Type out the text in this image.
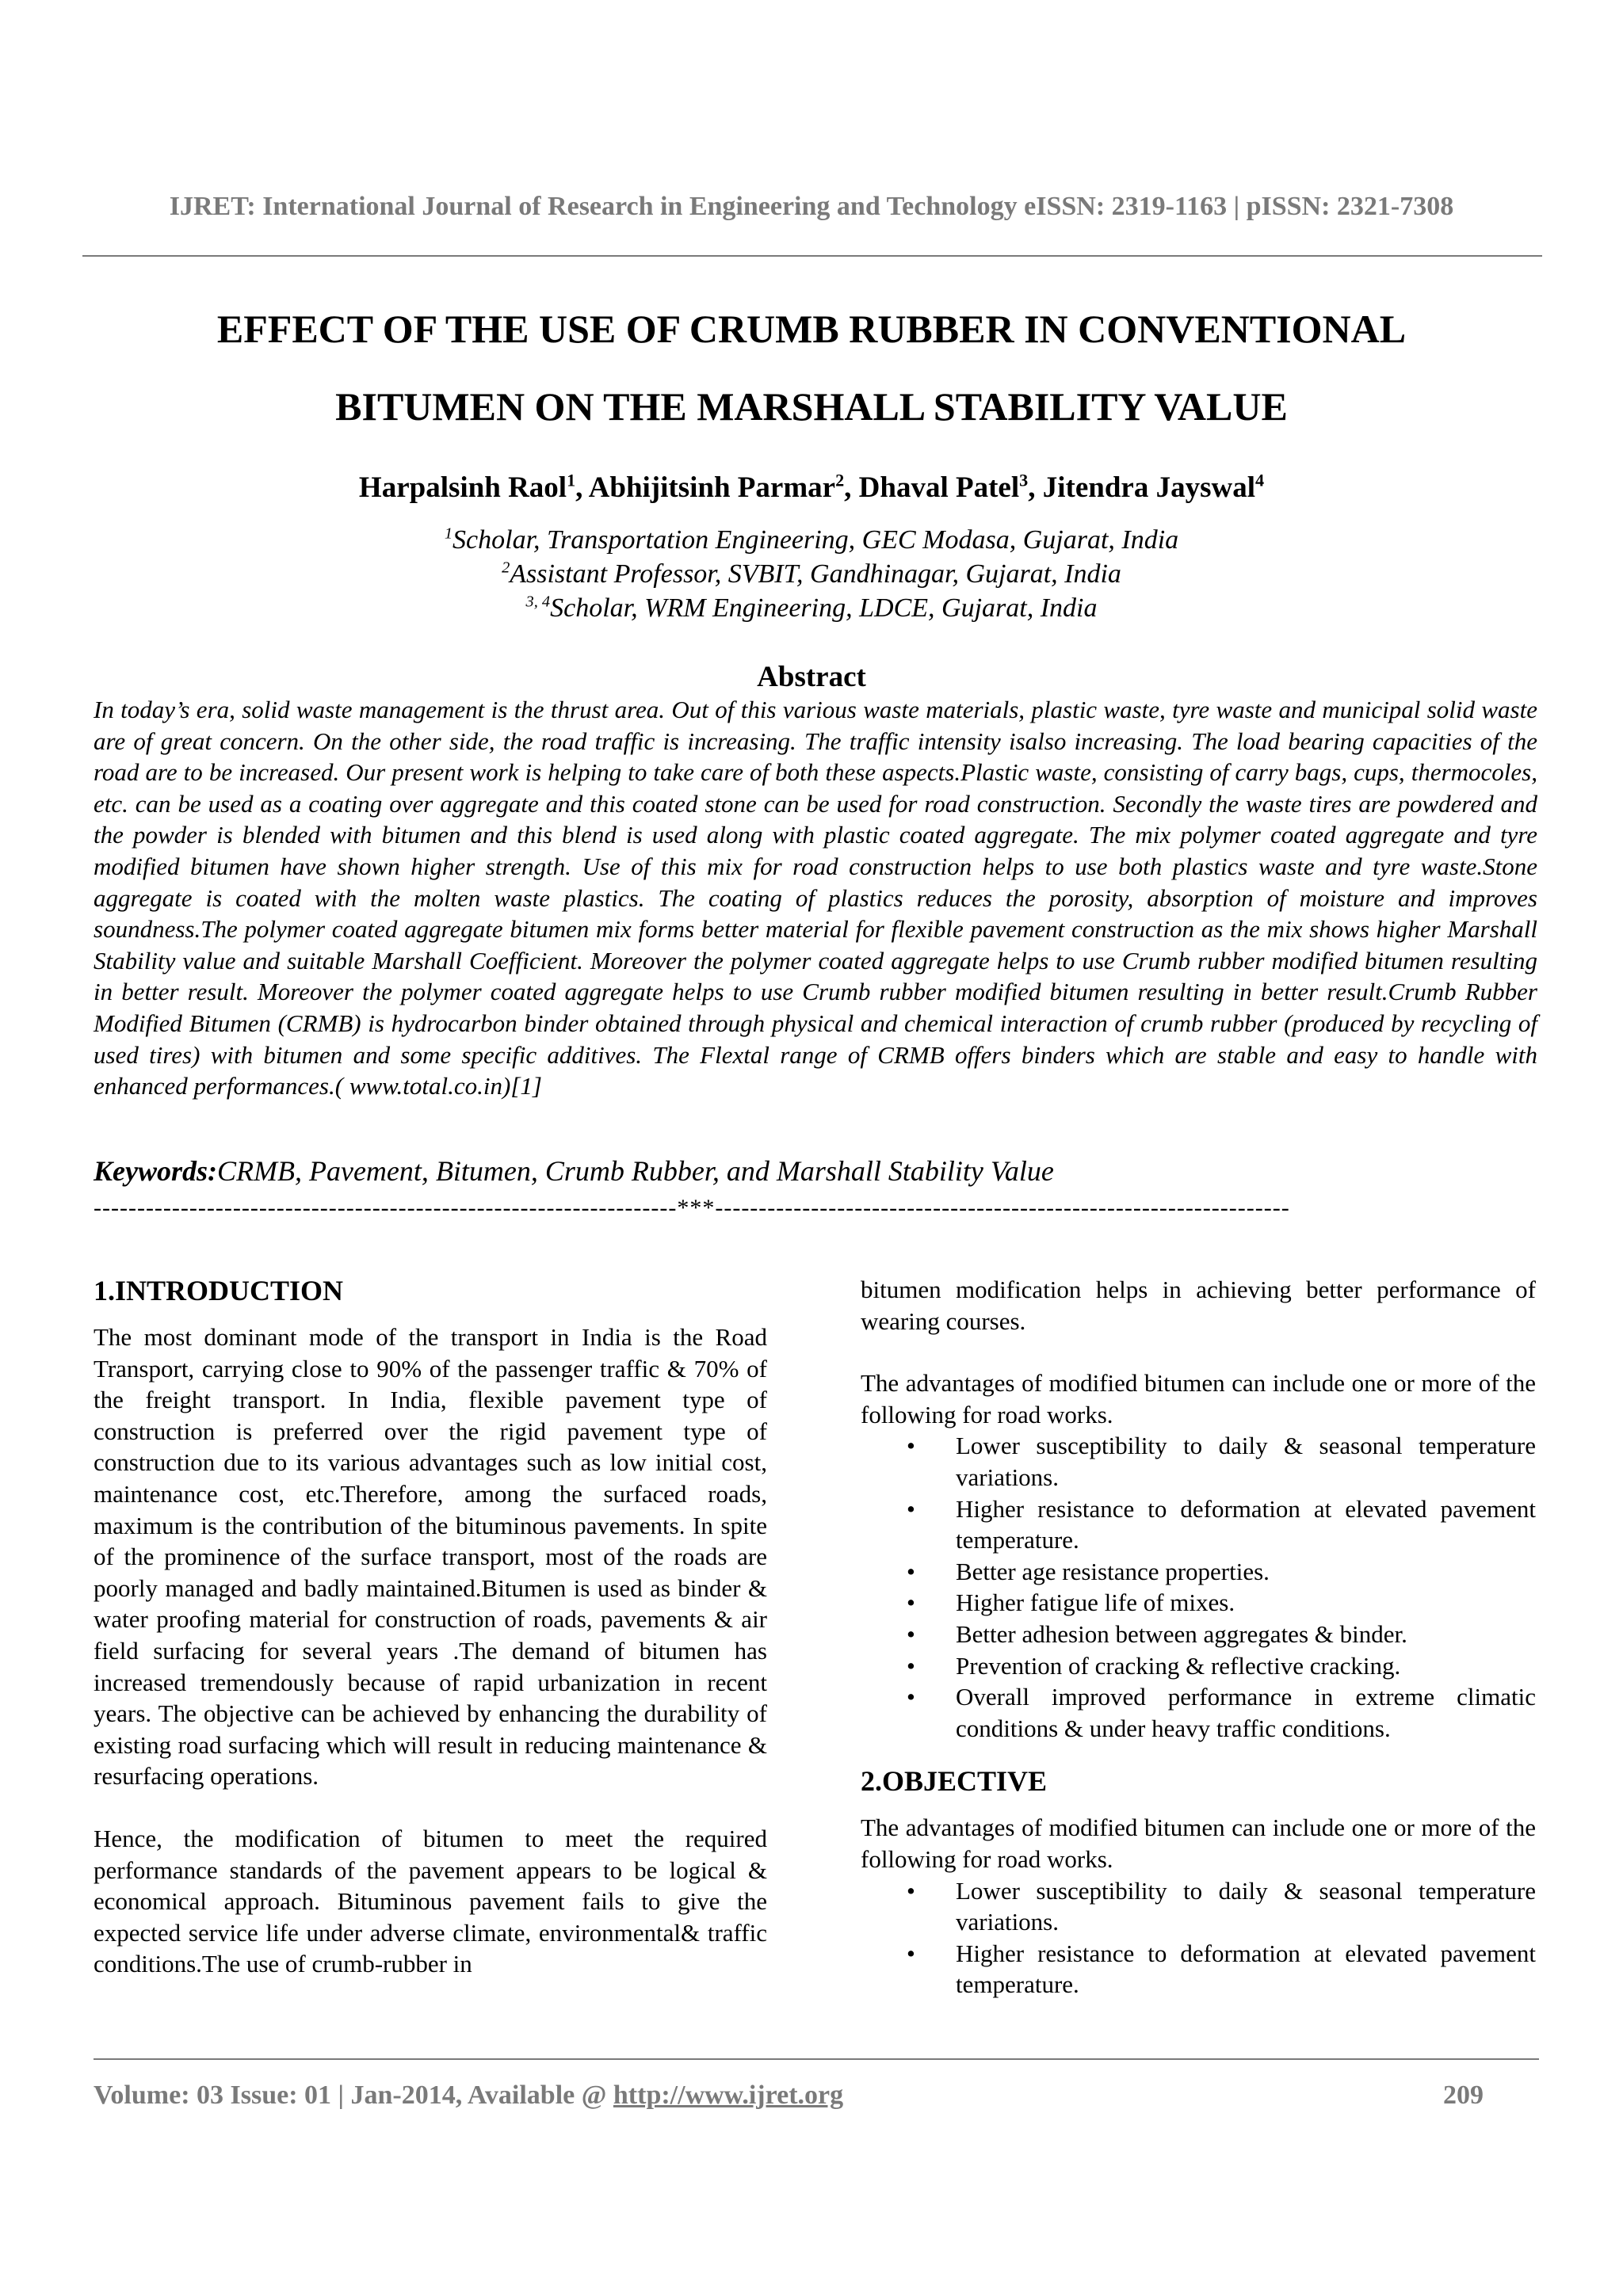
IJRET: International Journal of Research in Engineering and Technology eISSN: 2319-1163 | pISSN: 2321-7308
EFFECT OF THE USE OF CRUMB RUBBER IN CONVENTIONAL
BITUMEN ON THE MARSHALL STABILITY VALUE
Harpalsinh Raol$^1$, Abhijitsinh Parmar$^2$, Dhaval Patel$^3$, Jitendra Jayswal$^4$
$^1$Scholar, Transportation Engineering, GEC Modasa, Gujarat, India
$^2$Assistant Professor, SVBIT, Gandhinagar, Gujarat, India
$^{3, 4}$Scholar, WRM Engineering, LDCE, Gujarat, India
Abstract
In today’s era, solid waste management is the thrust area. Out of this various waste materials, plastic waste, tyre waste and municipal solid waste are of great concern. On the other side, the road traffic is increasing. The traffic intensity isalso increasing. The load bearing capacities of the road are to be increased. Our present work is helping to take care of both these aspects.Plastic waste, consisting of carry bags, cups, thermocoles, etc. can be used as a coating over aggregate and this coated stone can be used for road construction. Secondly the waste tires are powdered and the powder is blended with bitumen and this blend is used along with plastic coated aggregate. The mix polymer coated aggregate and tyre modified bitumen have shown higher strength. Use of this mix for road construction helps to use both plastics waste and tyre waste.Stone aggregate is coated with the molten waste plastics. The coating of plastics reduces the porosity, absorption of moisture and improves soundness.The polymer coated aggregate bitumen mix forms better material for flexible pavement construction as the mix shows higher Marshall Stability value and suitable Marshall Coefficient. Moreover the polymer coated aggregate helps to use Crumb rubber modified bitumen resulting in better result. Moreover the polymer coated aggregate helps to use Crumb rubber modified bitumen resulting in better result.Crumb Rubber Modified Bitumen (CRMB) is hydrocarbon binder obtained through physical and chemical interaction of crumb rubber (produced by recycling of used tires) with bitumen and some specific additives. The Flextal range of CRMB offers binders which are stable and easy to handle with enhanced performances.( www.total.co.in)[1]
Keywords:CRMB, Pavement, Bitumen, Crumb Rubber, and Marshall Stability Value
-------------------------------------------------------------------***------------------------------------------------------------------
1.INTRODUCTION
The most dominant mode of the transport in India is the Road Transport, carrying close to 90% of the passenger traffic & 70% of the freight transport. In India, flexible pavement type of construction is preferred over the rigid pavement type of construction due to its various advantages such as low initial cost, maintenance cost, etc.Therefore, among the surfaced roads, maximum is the contribution of the bituminous pavements. In spite of the prominence of the surface transport, most of the roads are poorly managed and badly maintained.Bitumen is used as binder & water proofing material for construction of roads, pavements & air field surfacing for several years .The demand of bitumen has increased tremendously because of rapid urbanization in recent years. The objective can be achieved by enhancing the durability of existing road surfacing which will result in reducing maintenance & resurfacing operations.
Hence, the modification of bitumen to meet the required performance standards of the pavement appears to be logical & economical approach. Bituminous pavement fails to give the expected service life under adverse climate, environmental& traffic conditions.The use of crumb-rubber in
bitumen modification helps in achieving better performance of wearing courses.
The advantages of modified bitumen can include one or more of the following for road works.
• Lower susceptibility to daily & seasonal temperature variations.
• Higher resistance to deformation at elevated pavement temperature.
• Better age resistance properties.
• Higher fatigue life of mixes.
• Better adhesion between aggregates & binder.
• Prevention of cracking & reflective cracking.
• Overall improved performance in extreme climatic conditions & under heavy traffic conditions.
2.OBJECTIVE
The advantages of modified bitumen can include one or more of the following for road works.
• Lower susceptibility to daily & seasonal temperature variations.
• Higher resistance to deformation at elevated pavement temperature.
Volume: 03 Issue: 01 | Jan-2014, Available @ http://www.ijret.org	209
